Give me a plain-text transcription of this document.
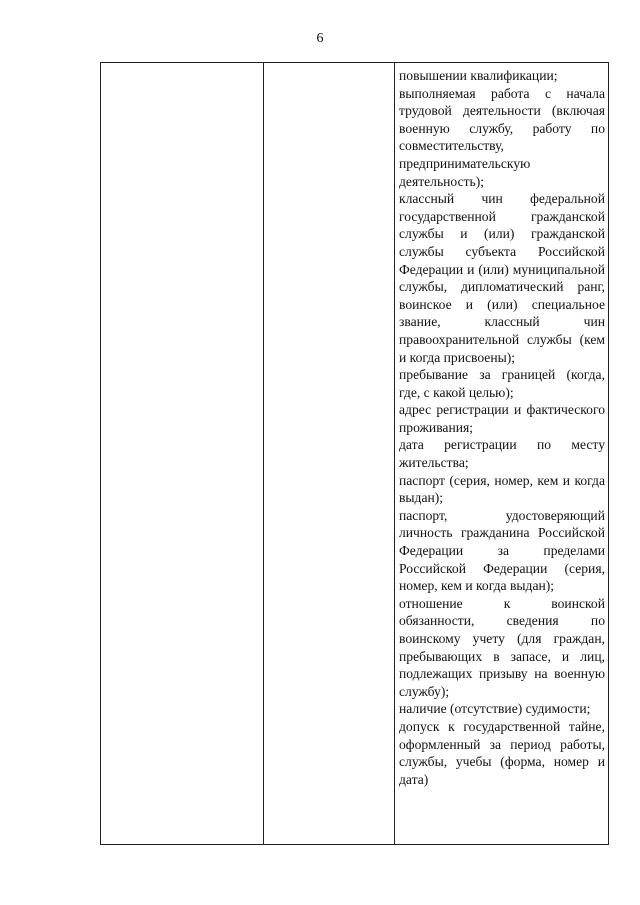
6
повышении квалификации;
выполняемая работа с начала трудовой деятельности (включая военную службу, работу по совместительству, предпринимательскую деятельность);
классный чин федеральной государственной гражданской службы и (или) гражданской службы субъекта Российской Федерации и (или) муниципальной службы, дипломатический ранг, воинское и (или) специальное звание, классный чин правоохранительной службы (кем и когда присвоены);
пребывание за границей (когда, где, с какой целью);
адрес регистрации и фактического проживания;
дата регистрации по месту жительства;
паспорт (серия, номер, кем и когда выдан);
паспорт, удостоверяющий личность гражданина Российской Федерации за пределами Российской Федерации (серия, номер, кем и когда выдан);
отношение к воинской обязанности, сведения по воинскому учету (для граждан, пребывающих в запасе, и лиц, подлежащих призыву на военную службу);
наличие (отсутствие) судимости;
допуск к государственной тайне, оформленный за период работы, службы, учебы (форма, номер и дата)
